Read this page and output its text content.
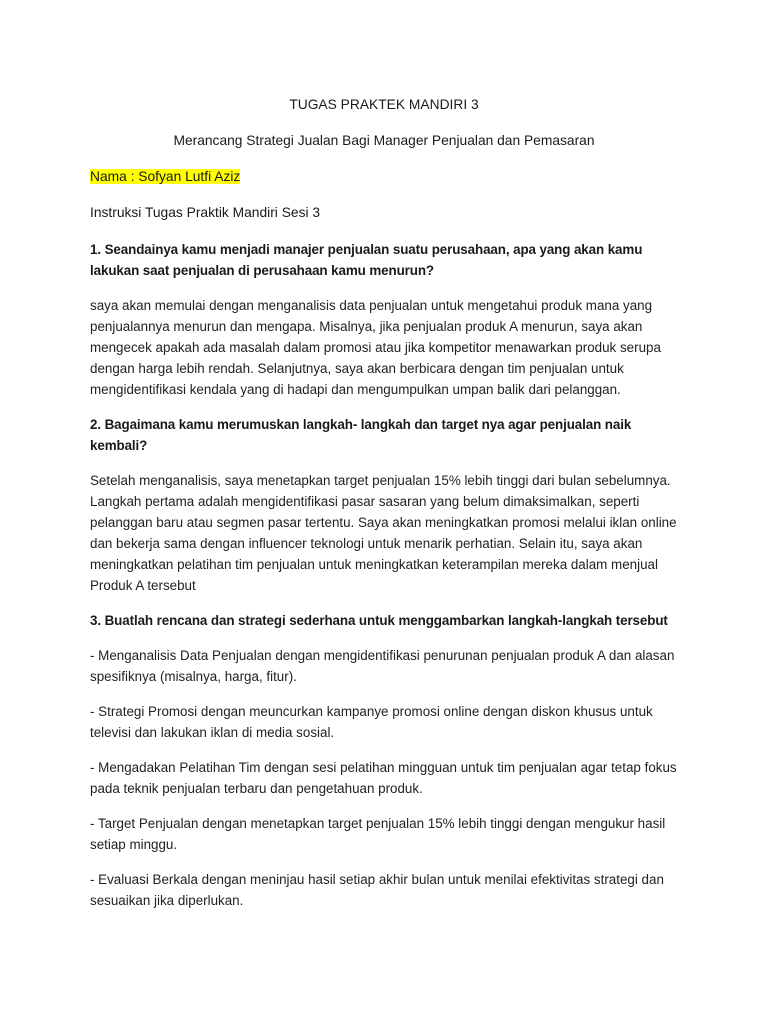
TUGAS PRAKTEK MANDIRI 3

Merancang Strategi Jualan Bagi Manager Penjualan dan Pemasaran

Nama : Sofyan Lutfi Aziz

Instruksi Tugas Praktik Mandiri Sesi 3

1. Seandainya kamu menjadi manajer penjualan suatu perusahaan, apa yang akan kamu lakukan saat penjualan di perusahaan kamu menurun?

saya akan memulai dengan menganalisis data penjualan untuk mengetahui produk mana yang penjualannya menurun dan mengapa. Misalnya, jika penjualan produk A menurun, saya akan mengecek apakah ada masalah dalam promosi atau jika kompetitor menawarkan produk serupa dengan harga lebih rendah. Selanjutnya, saya akan berbicara dengan tim penjualan untuk mengidentifikasi kendala yang di hadapi dan mengumpulkan umpan balik dari pelanggan.

2. Bagaimana kamu merumuskan langkah- langkah dan target nya agar penjualan naik kembali?

Setelah menganalisis, saya menetapkan target penjualan 15% lebih tinggi dari bulan sebelumnya. Langkah pertama adalah mengidentifikasi pasar sasaran yang belum dimaksimalkan, seperti pelanggan baru atau segmen pasar tertentu. Saya akan meningkatkan promosi melalui iklan online dan bekerja sama dengan influencer teknologi untuk menarik perhatian. Selain itu, saya akan meningkatkan pelatihan tim penjualan untuk meningkatkan keterampilan mereka dalam menjual Produk A tersebut

3. Buatlah rencana dan strategi sederhana untuk menggambarkan langkah-langkah tersebut

- Menganalisis Data Penjualan dengan mengidentifikasi penurunan penjualan produk A dan alasan spesifiknya (misalnya, harga, fitur).

- Strategi Promosi dengan meuncurkan kampanye promosi online dengan diskon khusus untuk televisi dan lakukan iklan di media sosial.

- Mengadakan Pelatihan Tim dengan sesi pelatihan mingguan untuk tim penjualan agar tetap fokus pada teknik penjualan terbaru dan pengetahuan produk.

- Target Penjualan dengan menetapkan target penjualan 15% lebih tinggi dengan mengukur hasil setiap minggu.

- Evaluasi Berkala dengan meninjau hasil setiap akhir bulan untuk menilai efektivitas strategi dan sesuaikan jika diperlukan.
